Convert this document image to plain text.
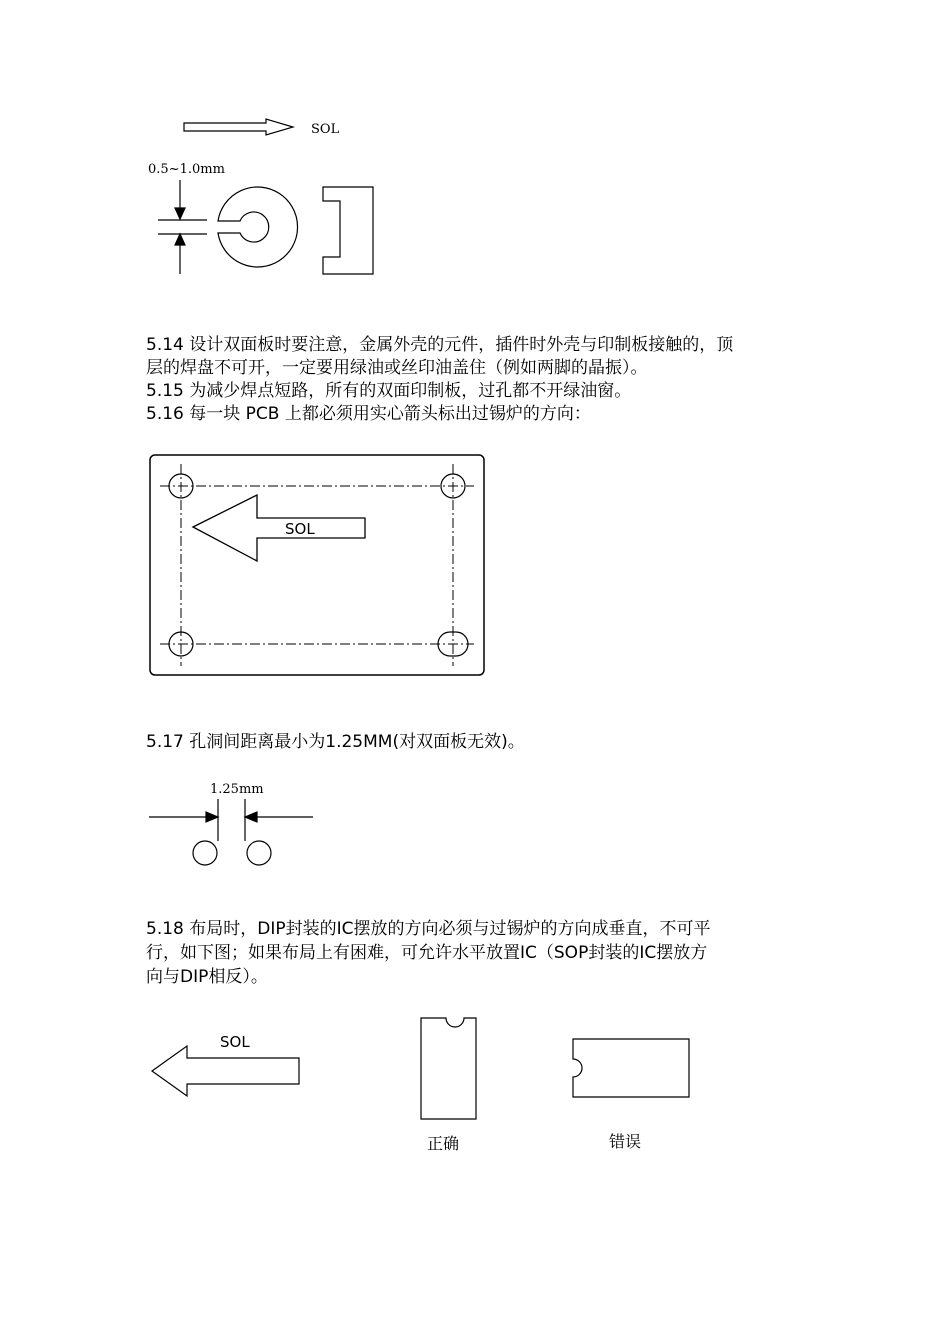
SOL
0.5~1.0mm
5.14 设计双面板时要注意，金属外壳的元件，插件时外壳与印制板接触的，顶
层的焊盘不可开，一定要用绿油或丝印油盖住（例如两脚的晶振）。
5.15 为减少焊点短路，所有的双面印制板，过孔都不开绿油窗。
5.16 每一块 PCB 上都必须用实心箭头标出过锡炉的方向：
SOL
5.17 孔洞间距离最小为1.25MM(对双面板无效)。
1.25mm
5.18 布局时，DIP封装的IC摆放的方向必须与过锡炉的方向成垂直，不可平
行，如下图；如果布局上有困难，可允许水平放置IC（SOP封装的IC摆放方
向与DIP相反）。
SOL
正确	错误
